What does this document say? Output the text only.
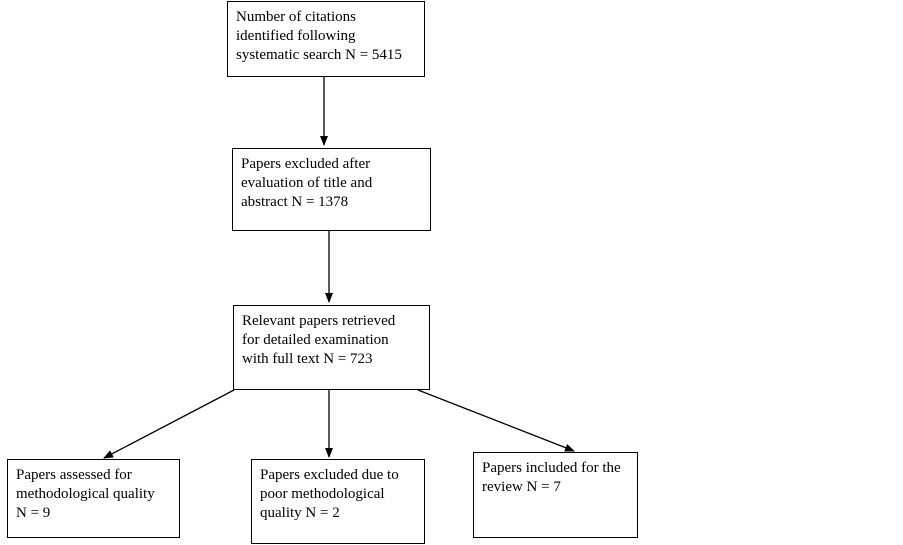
Number of citations
identified following
systematic search N = 5415
Papers excluded after
evaluation of title and
abstract N = 1378
Relevant papers retrieved
for detailed examination
with full text N = 723
Papers assessed for
methodological quality
N = 9
Papers excluded due to
poor methodological
quality N = 2
Papers included for the
review N = 7
